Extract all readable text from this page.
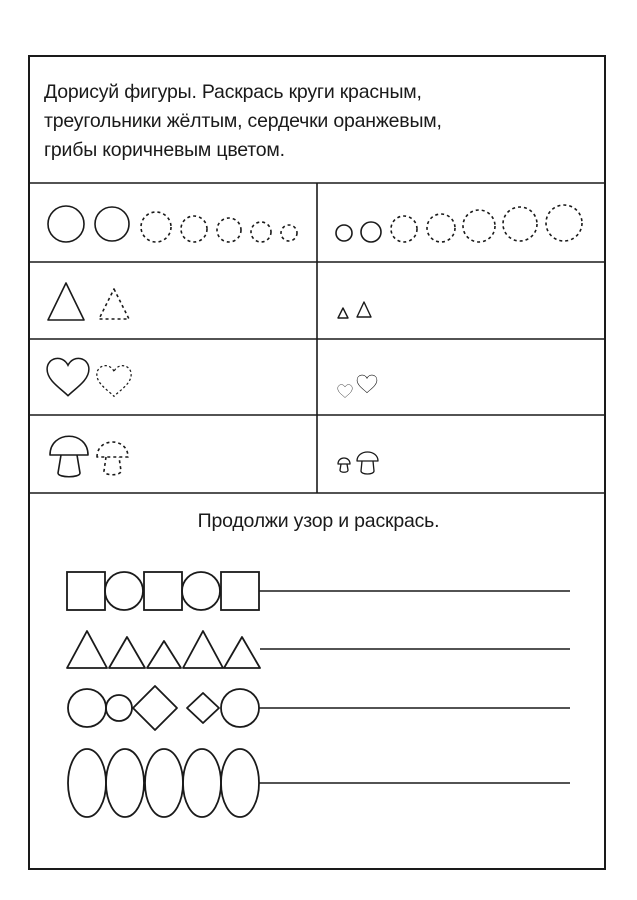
Дорисуй фигуры. Раскрась круги красным,
треугольники жёлтым, сердечки оранжевым,
грибы коричневым цветом.
Продолжи узор и раскрась.
